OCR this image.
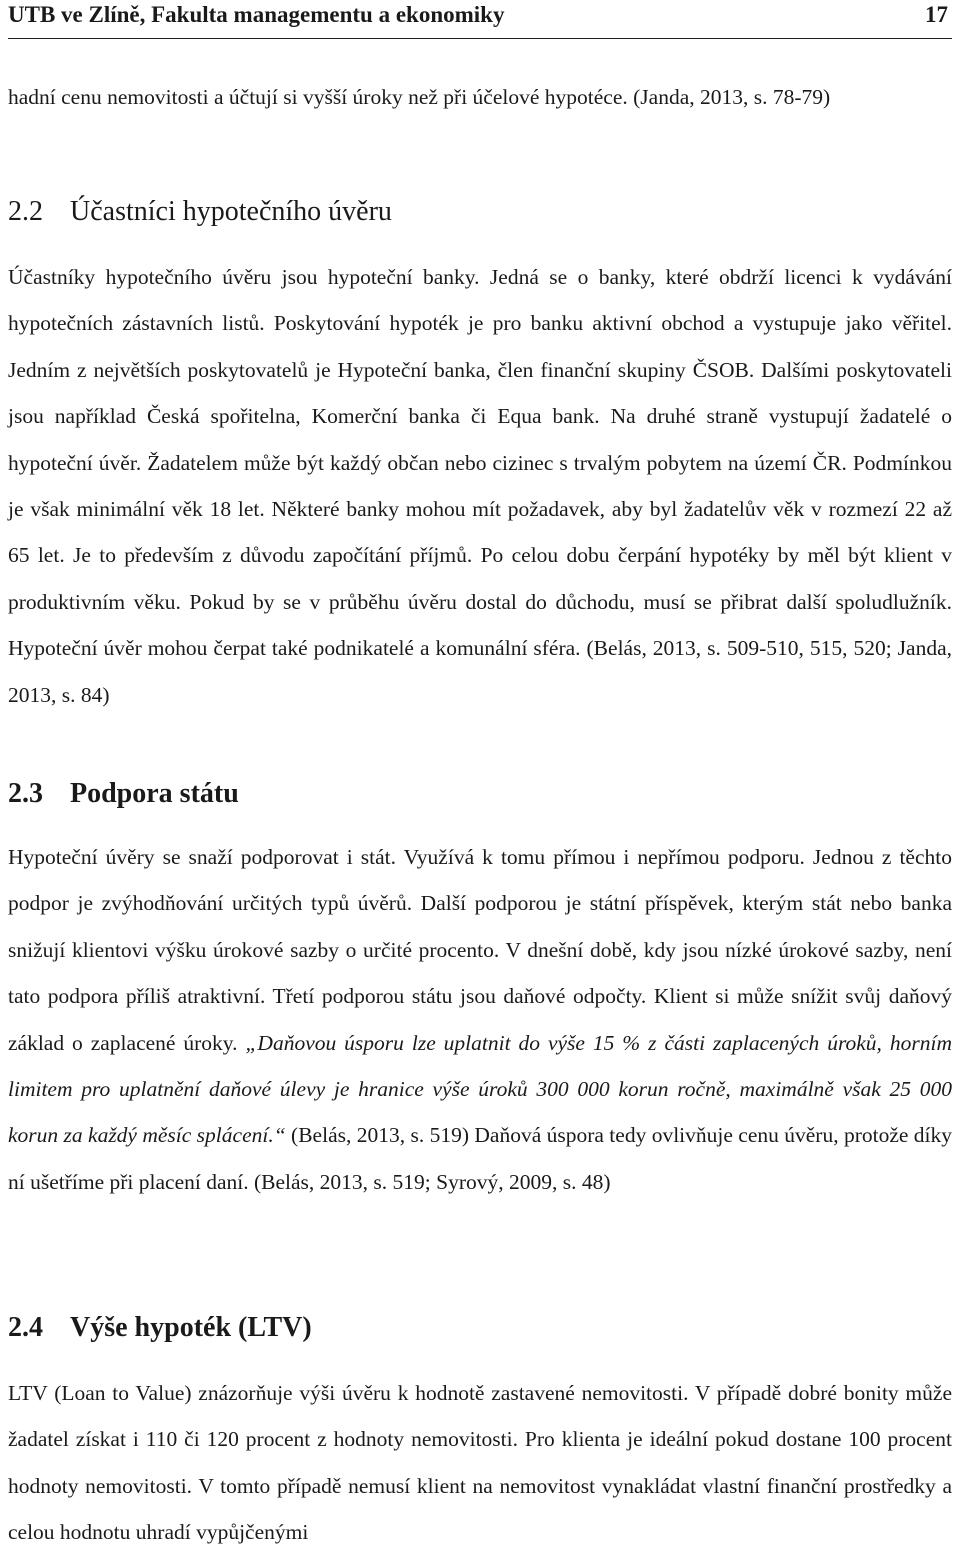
UTB ve Zlíně, Fakulta managementu a ekonomiky	17

hadní cenu nemovitosti a účtují si vyšší úroky než při účelové hypotéce. (Janda, 2013, s. 78-79)

2.2 Účastníci hypotečního úvěru

Účastníky hypotečního úvěru jsou hypoteční banky. Jedná se o banky, které obdrží licenci k vydávání hypotečních zástavních listů. Poskytování hypoték je pro banku aktivní obchod a vystupuje jako věřitel. Jedním z největších poskytovatelů je Hypoteční banka, člen finanční skupiny ČSOB. Dalšími poskytovateli jsou například Česká spořitelna, Komerční banka či Equa bank. Na druhé straně vystupují žadatelé o hypoteční úvěr. Žadatelem může být každý občan nebo cizinec s trvalým pobytem na území ČR. Podmínkou je však minimální věk 18 let. Některé banky mohou mít požadavek, aby byl žadatelův věk v rozmezí 22 až 65 let. Je to především z důvodu započítání příjmů. Po celou dobu čerpání hypotéky by měl být klient v produktivním věku. Pokud by se v průběhu úvěru dostal do důchodu, musí se přibrat další spoludlužník. Hypoteční úvěr mohou čerpat také podnikatelé a komunální sféra. (Belás, 2013, s. 509-510, 515, 520; Janda, 2013, s. 84)

2.3 Podpora státu

Hypoteční úvěry se snaží podporovat i stát. Využívá k tomu přímou i nepřímou podporu. Jednou z těchto podpor je zvýhodňování určitých typů úvěrů. Další podporou je státní příspěvek, kterým stát nebo banka snižují klientovi výšku úrokové sazby o určité procento. V dnešní době, kdy jsou nízké úrokové sazby, není tato podpora příliš atraktivní. Třetí podporou státu jsou daňové odpočty. Klient si může snížit svůj daňový základ o zaplacené úroky. „Daňovou úsporu lze uplatnit do výše 15 % z části zaplacených úroků, horním limitem pro uplatnění daňové úlevy je hranice výše úroků 300 000 korun ročně, maximálně však 25 000 korun za každý měsíc splácení.“ (Belás, 2013, s. 519) Daňová úspora tedy ovlivňuje cenu úvěru, protože díky ní ušetříme při placení daní. (Belás, 2013, s. 519; Syrový, 2009, s. 48)

2.4 Výše hypoték (LTV)

LTV (Loan to Value) znázorňuje výši úvěru k hodnotě zastavené nemovitosti. V případě dobré bonity může žadatel získat i 110 či 120 procent z hodnoty nemovitosti. Pro klienta je ideální pokud dostane 100 procent hodnoty nemovitosti. V tomto případě nemusí klient na nemovitost vynakládat vlastní finanční prostředky a celou hodnotu uhradí vypůjčenými
